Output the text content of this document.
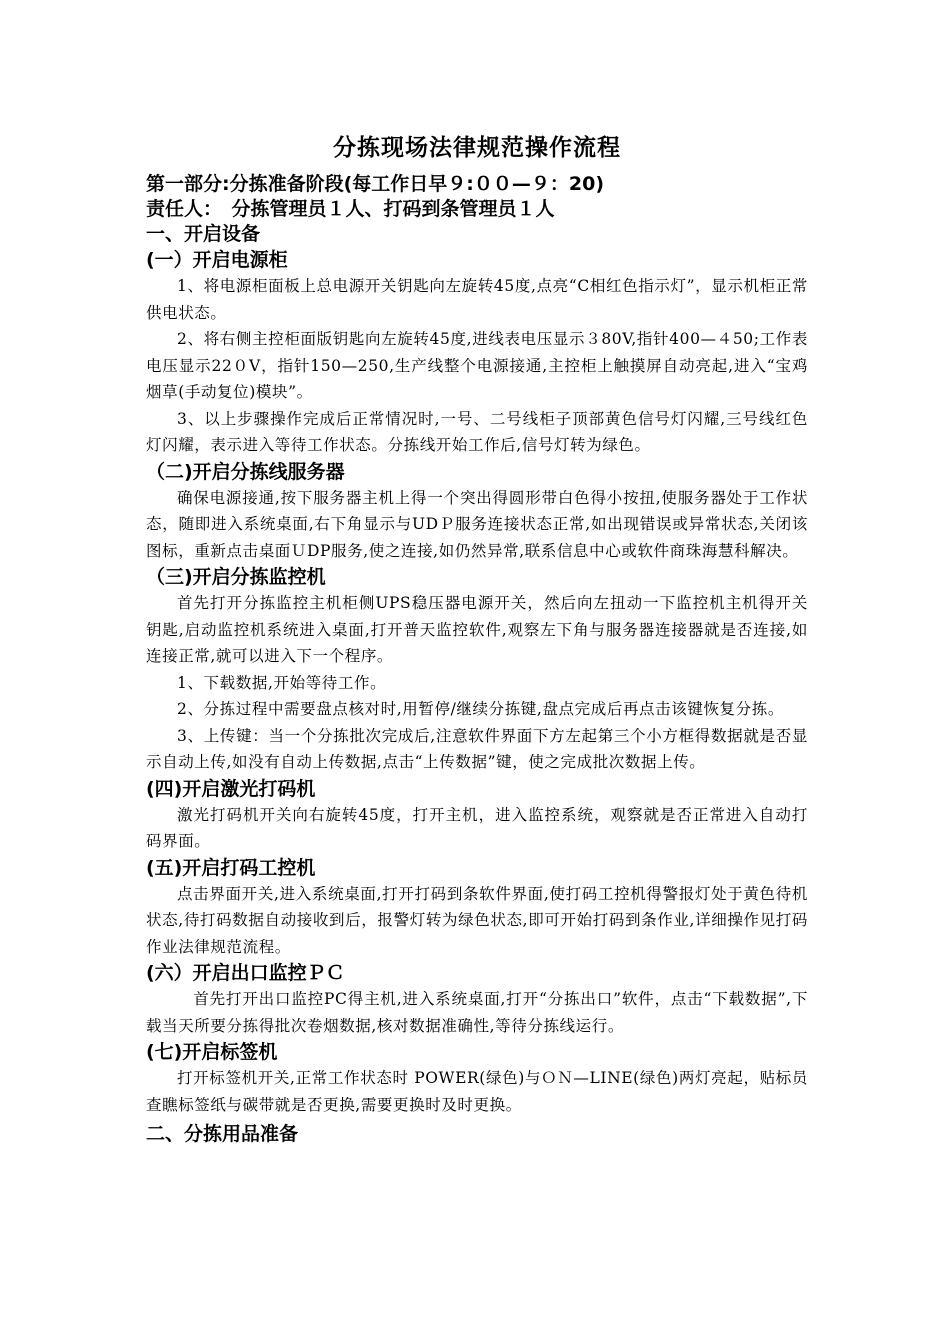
分拣现场法律规范操作流程
第一部分:分拣准备阶段(每工作日早９:００—９：20)
责任人：　分拣管理员１人、打码到条管理员１人
一、开启设备
(一）开启电源柜

1、将电源柜面板上总电源开关钥匙向左旋转45度,点亮“C相红色指示灯”，显示机柜正常供电状态。

2、将右侧主控柜面版钥匙向左旋转45度,进线表电压显示３80V,指针400—４50;工作表电压显示22０V，指针150—250,生产线整个电源接通,主控柜上触摸屏自动亮起,进入“宝鸡烟草(手动复位)模块”。

3、以上步骤操作完成后正常情况时,一号、二号线柜子顶部黄色信号灯闪耀,三号线红色灯闪耀，表示进入等待工作状态。分拣线开始工作后,信号灯转为绿色。

（二)开启分拣线服务器

确保电源接通,按下服务器主机上得一个突出得圆形带白色得小按扭,使服务器处于工作状态，随即进入系统桌面,右下角显示与UDＰ服务连接状态正常,如出现错误或异常状态,关闭该图标，重新点击桌面ＵDP服务,使之连接,如仍然异常,联系信息中心或软件商珠海慧科解决。

（三)开启分拣监控机

首先打开分拣监控主机柜侧UPS稳压器电源开关，然后向左扭动一下监控机主机得开关钥匙,启动监控机系统进入桌面,打开普天监控软件,观察左下角与服务器连接器就是否连接,如连接正常,就可以进入下一个程序。

1、下载数据,开始等待工作。

2、分拣过程中需要盘点核对时,用暂停/继续分拣键,盘点完成后再点击该键恢复分拣。

3、上传键：当一个分拣批次完成后,注意软件界面下方左起第三个小方框得数据就是否显示自动上传,如没有自动上传数据,点击“上传数据”键，使之完成批次数据上传。

(四)开启激光打码机

激光打码机开关向右旋转45度，打开主机，进入监控系统，观察就是否正常进入自动打码界面。

(五)开启打码工控机

点击界面开关,进入系统桌面,打开打码到条软件界面,使打码工控机得警报灯处于黄色待机状态,待打码数据自动接收到后，报警灯转为绿色状态,即可开始打码到条作业,详细操作见打码作业法律规范流程。

(六）开启出口监控ＰＣ

　首先打开出口监控PC得主机,进入系统桌面,打开“分拣出口”软件，点击“下载数据”,下载当天所要分拣得批次卷烟数据,核对数据准确性,等待分拣线运行。

(七)开启标签机

打开标签机开关,正常工作状态时 POWER(绿色)与ＯＮ—LINE(绿色)两灯亮起，贴标员查瞧标签纸与碳带就是否更换,需要更换时及时更换。

二、分拣用品准备
